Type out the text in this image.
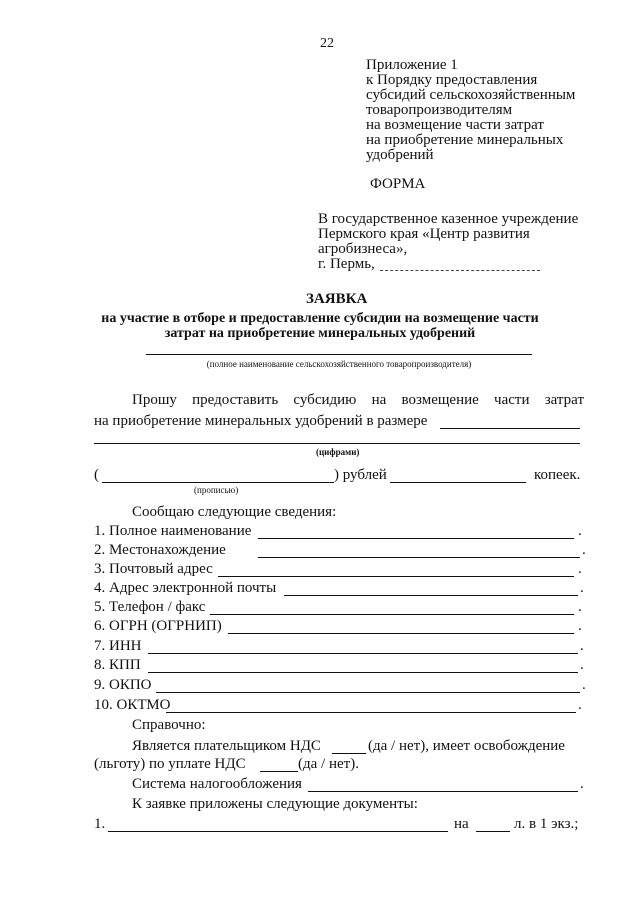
22
Приложение 1
к Порядку предоставления
субсидий сельскохозяйственным
товаропроизводителям
на возмещение части затрат
на приобретение минеральных
удобрений
ФОРМА
В государственное казенное учреждение
Пермского края «Центр развития
агробизнеса»,
г. Пермь,
ЗАЯВКА
на участие в отборе и предоставление субсидии на возмещение части
затрат на приобретение минеральных удобрений
(полное наименование сельскохозяйственного товаропроизводителя)
Прошу предоставить субсидию на возмещение части затрат
на приобретение минеральных удобрений в размере
(цифрами)
(	) рублей	копеек.
(прописью)
Сообщаю следующие сведения:
1. Полное наименование	.
2. Местонахождение	.
3. Почтовый адрес	.
4. Адрес электронной почты	.
5. Телефон / факс	.
6. ОГРН (ОГРНИП)	.
7. ИНН	.
8. КПП	.
9. ОКПО	.
10. ОКТМО	.
Справочно:
Является плательщиком НДС	(да / нет), имеет освобождение
(льготу) по уплате НДС	(да / нет).
Система налогообложения	.
К заявке приложены следующие документы:
1.	на	л. в 1 экз.;
